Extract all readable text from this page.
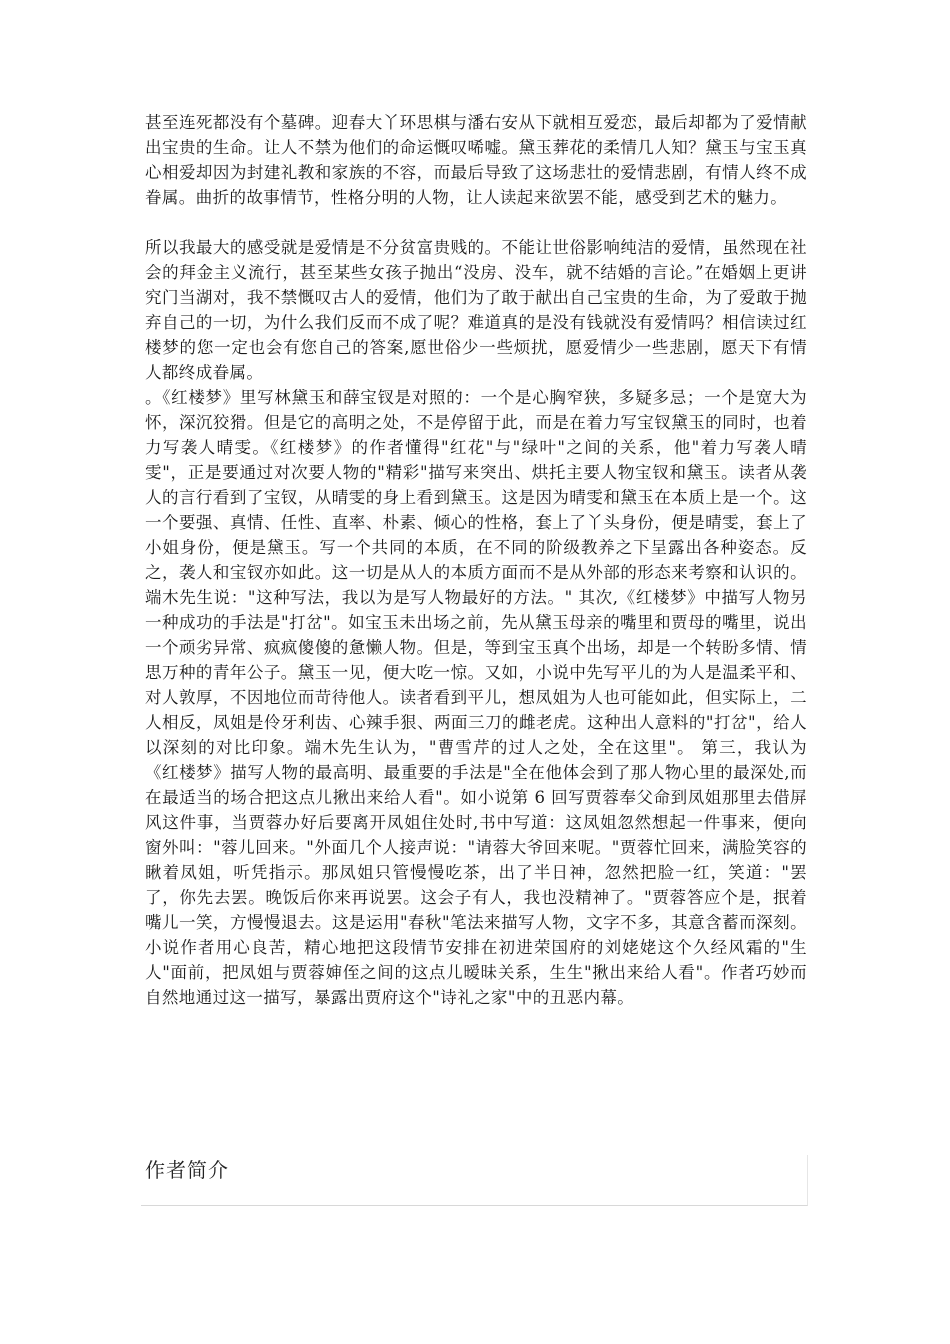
甚至连死都没有个墓碑。迎春大丫环思棋与潘右安从下就相互爱恋，最后却都为了爱情献出宝贵的生命。让人不禁为他们的命运慨叹唏嘘。黛玉葬花的柔情几人知？黛玉与宝玉真心相爱却因为封建礼教和家族的不容，而最后导致了这场悲壮的爱情悲剧，有情人终不成眷属。曲折的故事情节，性格分明的人物，让人读起来欲罢不能，感受到艺术的魅力。

所以我最大的感受就是爱情是不分贫富贵贱的。不能让世俗影响纯洁的爱情，虽然现在社会的拜金主义流行，甚至某些女孩子抛出“没房、没车，就不结婚的言论。”在婚姻上更讲究门当湖对，我不禁慨叹古人的爱情，他们为了敢于献出自己宝贵的生命，为了爱敢于抛弃自己的一切，为什么我们反而不成了呢？难道真的是没有钱就没有爱情吗？相信读过红楼梦的您一定也会有您自己的答案,愿世俗少一些烦扰，愿爱情少一些悲剧，愿天下有情人都终成眷属。

。《红楼梦》里写林黛玉和薛宝钗是对照的：一个是心胸窄狭，多疑多忌；一个是宽大为怀，深沉狡猾。但是它的高明之处，不是停留于此，而是在着力写宝钗黛玉的同时，也着力写袭人晴雯。《红楼梦》的作者懂得"红花"与"绿叶"之间的关系，他"着力写袭人晴雯"，正是要通过对次要人物的"精彩"描写来突出、烘托主要人物宝钗和黛玉。读者从袭人的言行看到了宝钗，从晴雯的身上看到黛玉。这是因为晴雯和黛玉在本质上是一个。这一个要强、真情、任性、直率、朴素、倾心的性格，套上了丫头身份，便是晴雯，套上了小姐身份，便是黛玉。写一个共同的本质，在不同的阶级教养之下呈露出各种姿态。反之，袭人和宝钗亦如此。这一切是从人的本质方面而不是从外部的形态来考察和认识的。端木先生说："这种写法，我以为是写人物最好的方法。" 其次,《红楼梦》中描写人物另一种成功的手法是"打岔"。如宝玉未出场之前，先从黛玉母亲的嘴里和贾母的嘴里，说出一个顽劣异常、疯疯傻傻的惫懒人物。但是，等到宝玉真个出场，却是一个转盼多情、情思万种的青年公子。黛玉一见，便大吃一惊。又如，小说中先写平儿的为人是温柔平和、对人敦厚，不因地位而苛待他人。读者看到平儿，想凤姐为人也可能如此，但实际上，二人相反，凤姐是伶牙利齿、心辣手狠、两面三刀的雌老虎。这种出人意料的"打岔"，给人以深刻的对比印象。端木先生认为，"曹雪芹的过人之处，全在这里"。 第三，我认为《红楼梦》描写人物的最高明、最重要的手法是"全在他体会到了那人物心里的最深处,而在最适当的场合把这点儿揪出来给人看"。如小说第 6 回写贾蓉奉父命到凤姐那里去借屏风这件事，当贾蓉办好后要离开凤姐住处时,书中写道：这凤姐忽然想起一件事来，便向窗外叫："蓉儿回来。"外面几个人接声说："请蓉大爷回来呢。"贾蓉忙回来，满脸笑容的瞅着凤姐，听凭指示。那凤姐只管慢慢吃茶，出了半日神，忽然把脸一红，笑道："罢了，你先去罢。晚饭后你来再说罢。这会子有人，我也没精神了。"贾蓉答应个是，抿着嘴儿一笑，方慢慢退去。这是运用"春秋"笔法来描写人物，文字不多，其意含蓄而深刻。小说作者用心良苦，精心地把这段情节安排在初进荣国府的刘姥姥这个久经风霜的"生人"面前，把凤姐与贾蓉婶侄之间的这点儿暧昧关系，生生"揪出来给人看"。作者巧妙而自然地通过这一描写，暴露出贾府这个"诗礼之家"中的丑恶内幕。

作者简介
